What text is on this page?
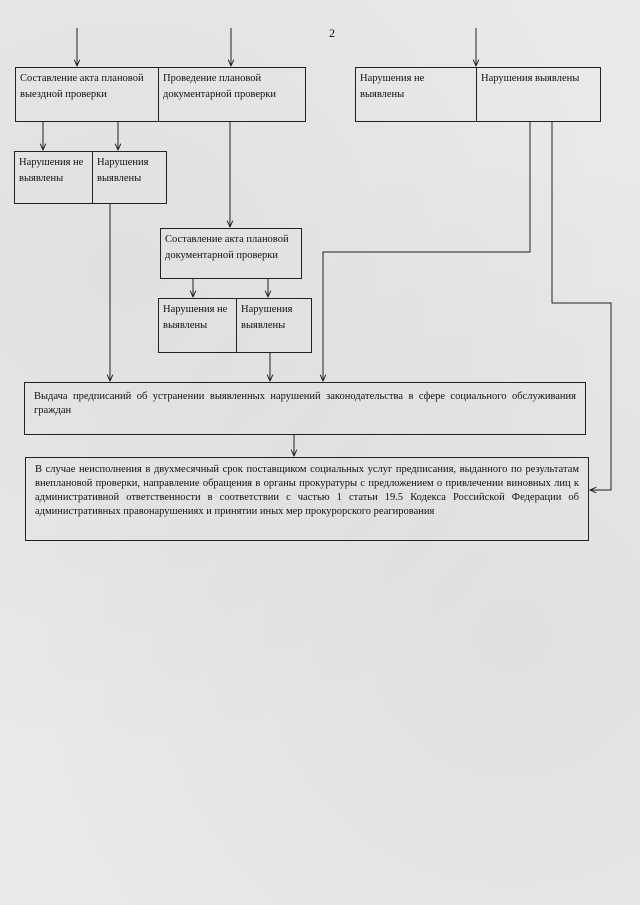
2
Составление акта плановой выездной проверки
Проведение плановой документарной проверки
Нарушения не выявлены
Нарушения выявлены
Нарушения не выявлены
Нарушения выявлены
Составление акта плановой документарной проверки
Нарушения не выявлены
Нарушения выявлены
Выдача предписаний об устранении выявленных нарушений законодательства в сфере социального обслуживания граждан
В случае неисполнения в двухмесячный срок поставщиком социальных услуг предписания, выданного по результатам внеплановой проверки, направление обращения в органы прокуратуры с предложением о привлечении виновных лиц к административной ответственности в соответствии с частью 1 статьи 19.5 Кодекса Российской Федерации об административных правонарушениях и принятии иных мер прокурорского реагирования
